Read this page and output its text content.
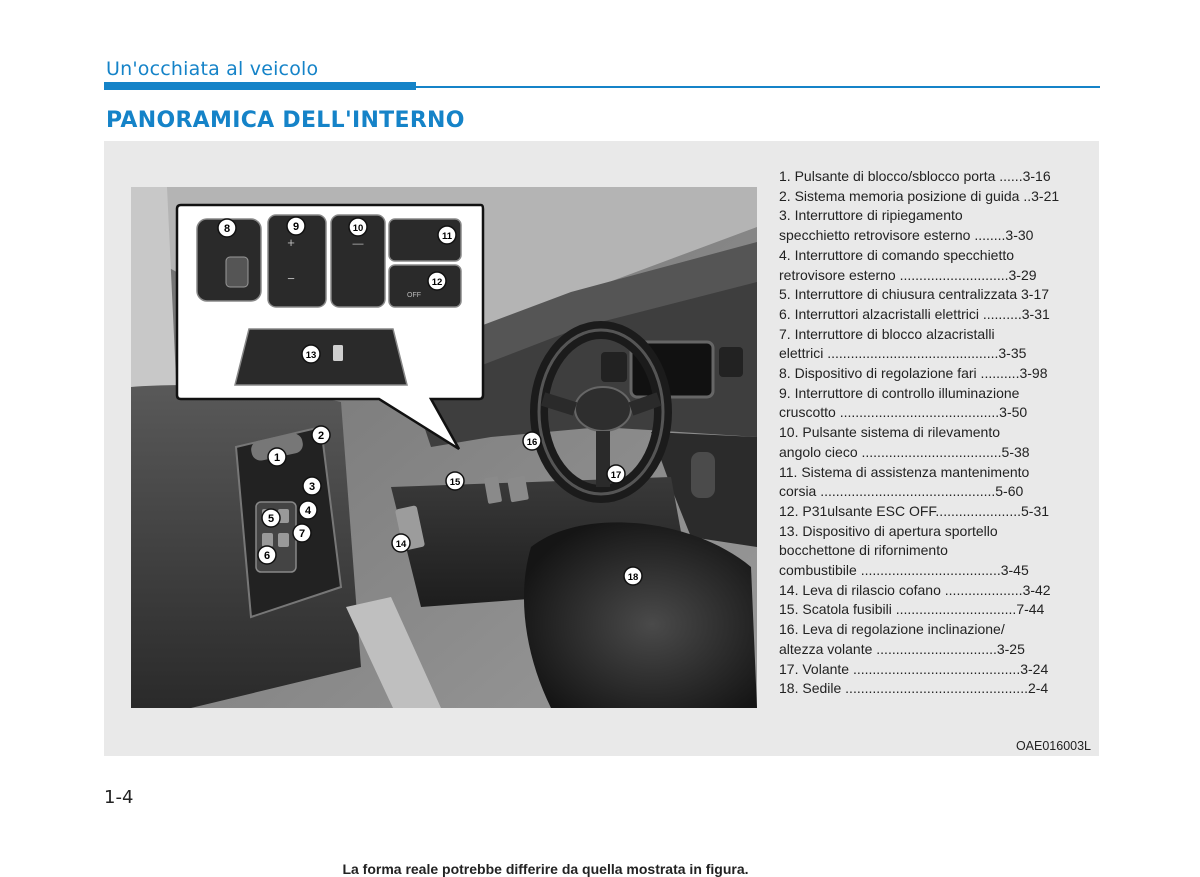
Un'occhiata al veicolo
PANORAMICA DELL'INTERNO
1. Pulsante di blocco/sblocco porta ......3-16
2. Sistema memoria posizione di guida ..3-21
3. Interruttore di ripiegamento
specchietto retrovisore esterno ........3-30
4. Interruttore di comando specchietto
retrovisore esterno ............................3-29
5. Interruttore di chiusura centralizzata 3-17
6. Interruttori alzacristalli elettrici ..........3-31
7. Interruttore di blocco alzacristalli
elettrici ............................................3-35
8. Dispositivo di regolazione fari ..........3-98
9. Interruttore di controllo illuminazione
cruscotto .........................................3-50
10. Pulsante sistema di rilevamento
angolo cieco ....................................5-38
11. Sistema di assistenza mantenimento
corsia .............................................5-60
12. P31ulsante ESC OFF......................5-31
13. Dispositivo di apertura sportello
bocchettone di rifornimento
combustibile ....................................3-45
14. Leva di rilascio cofano ....................3-42
15. Scatola fusibili ...............................7-44
16. Leva di regolazione inclinazione/
altezza volante ...............................3-25
17. Volante ...........................................3-24
18. Sedile ...............................................2-4
La forma reale potrebbe differire da quella mostrata in figura.
OAE016003L
+
−
—
OFF
1
2
3
4
5
6
7
8	9	10
11
12
13
14
15
16
17
18
1-4
